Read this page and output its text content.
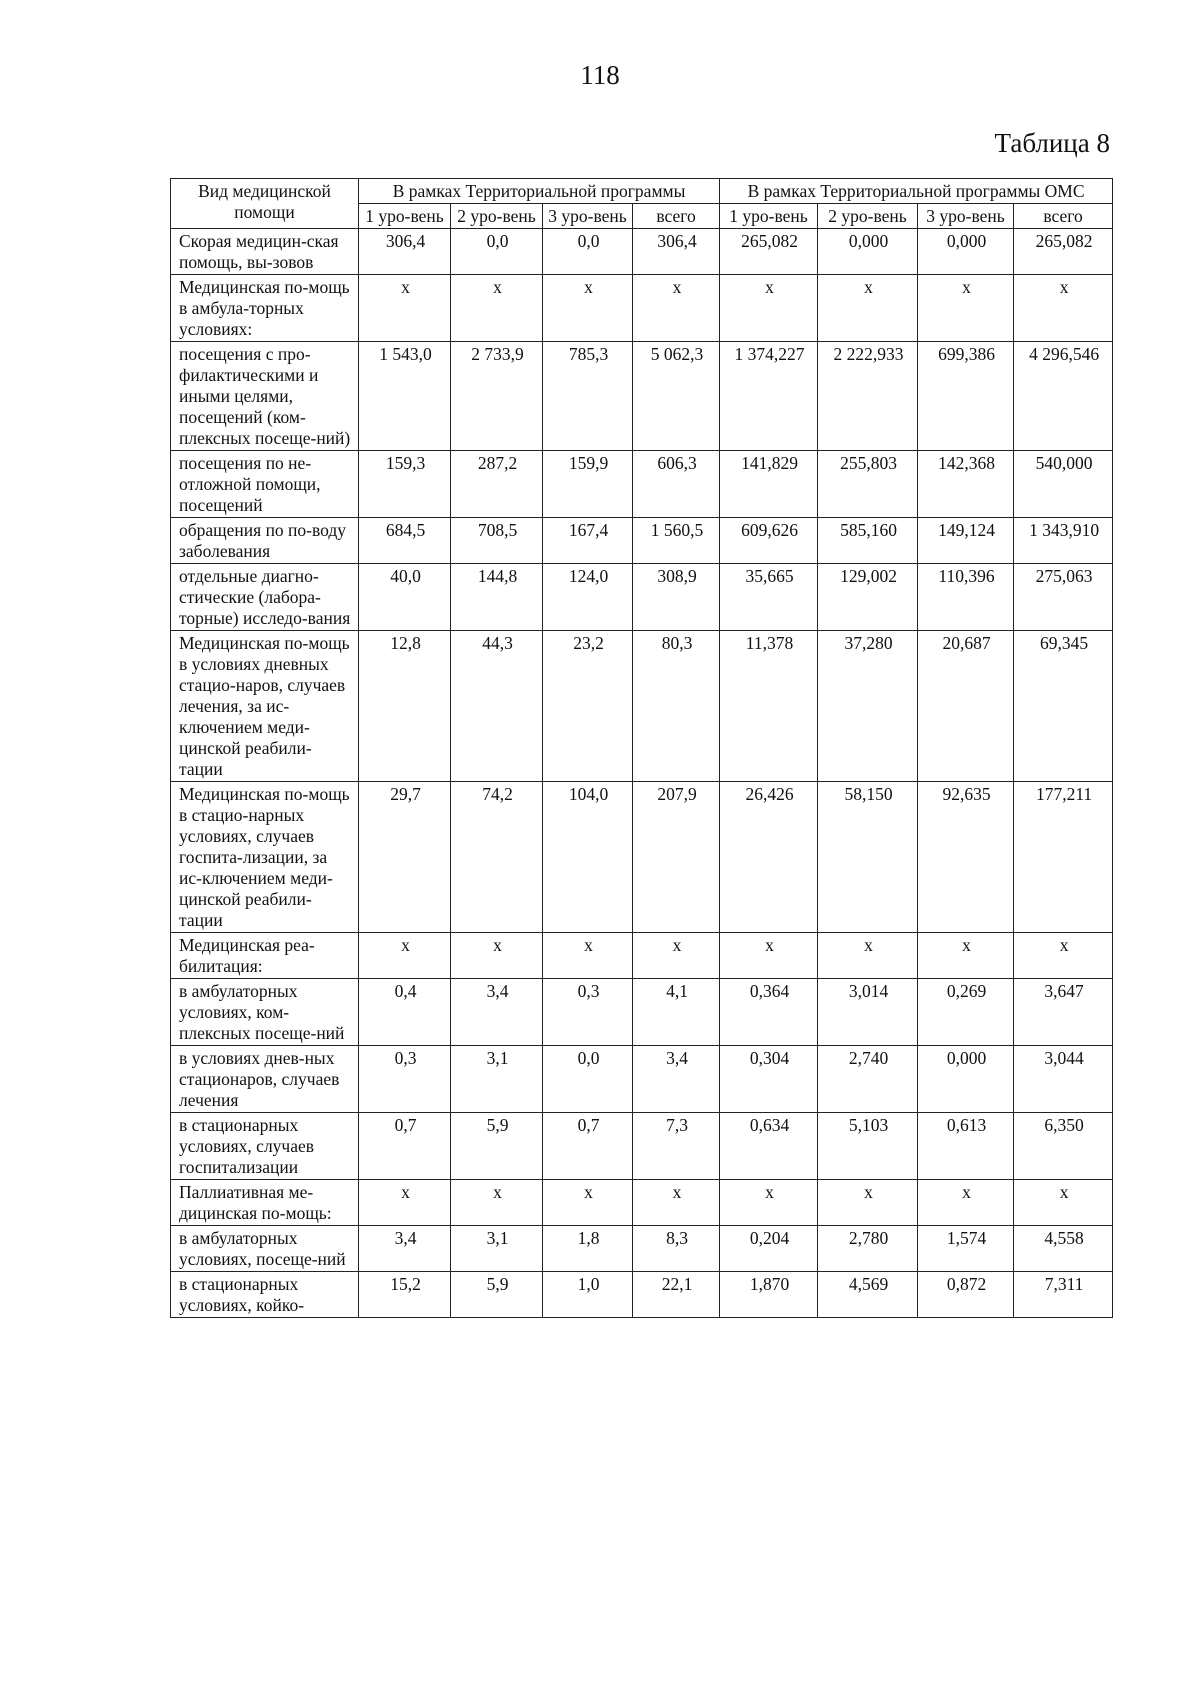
118
Таблица 8
Вид медицинской помощи	В рамках Территориальной программы				В рамках Территориальной программы ОМС			
	1 уро-вень	2 уро-вень	3 уро-вень	всего	1 уро-вень	2 уро-вень	3 уро-вень	всего
Скорая медицин-ская помощь, вы-зовов	306,4	0,0	0,0	306,4	265,082	0,000	0,000	265,082
Медицинская по-мощь в амбула-торных условиях:	x	x	x	x	x	x	x	x
посещения с про-филактическими и иными целями, посещений (ком-плексных посеще-ний)	1 543,0	2 733,9	785,3	5 062,3	1 374,227	2 222,933	699,386	4 296,546
посещения по не-отложной помощи, посещений	159,3	287,2	159,9	606,3	141,829	255,803	142,368	540,000
обращения по по-воду заболевания	684,5	708,5	167,4	1 560,5	609,626	585,160	149,124	1 343,910
отдельные диагно-стические (лабора-торные) исследо-вания	40,0	144,8	124,0	308,9	35,665	129,002	110,396	275,063
Медицинская по-мощь в условиях дневных стацио-наров, случаев лечения, за ис-ключением меди-цинской реабили-тации	12,8	44,3	23,2	80,3	11,378	37,280	20,687	69,345
Медицинская по-мощь в стацио-нарных условиях, случаев госпита-лизации, за ис-ключением меди-цинской реабили-тации	29,7	74,2	104,0	207,9	26,426	58,150	92,635	177,211
Медицинская реа-билитация:	x	x	x	x	x	x	x	x
в амбулаторных условиях, ком-плексных посеще-ний	0,4	3,4	0,3	4,1	0,364	3,014	0,269	3,647
в условиях днев-ных стационаров, случаев лечения	0,3	3,1	0,0	3,4	0,304	2,740	0,000	3,044
в стационарных условиях, случаев госпитализации	0,7	5,9	0,7	7,3	0,634	5,103	0,613	6,350
Паллиативная ме-дицинская по-мощь:	x	x	x	x	x	x	x	x
в амбулаторных условиях, посеще-ний	3,4	3,1	1,8	8,3	0,204	2,780	1,574	4,558
в стационарных условиях, койко-	15,2	5,9	1,0	22,1	1,870	4,569	0,872	7,311
